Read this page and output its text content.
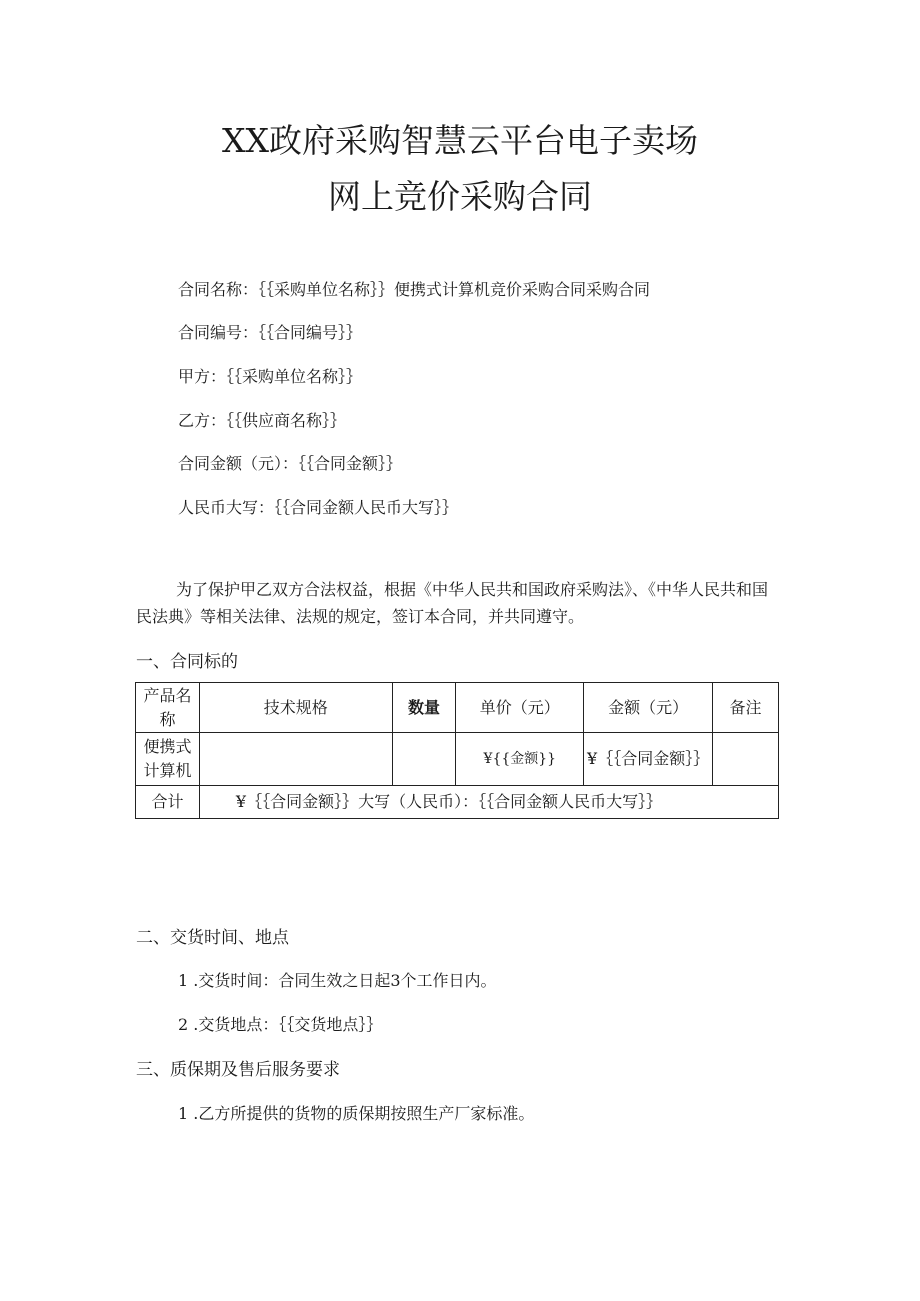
XX政府采购智慧云平台电子卖场
网上竞价采购合同
合同名称：｛｛采购单位名称｝｝便携式计算机竞价采购合同采购合同
合同编号：｛｛合同编号｝｝
甲方：｛｛采购单位名称｝｝
乙方：｛｛供应商名称｝｝
合同金额（元）：｛｛合同金额｝｝
人民币大写：｛｛合同金额人民币大写｝｝
为了保护甲乙双方合法权益，根据《中华人民共和国政府采购法》、《中华人民共和国民法典》等相关法律、法规的规定，签订本合同，并共同遵守。
一、合同标的
产品名称	技术规格	数量	单价（元）	金额（元）	备注
便携式计算机			¥{{金额}}	¥｛｛合同金额｝｝	
合计	¥｛｛合同金额｝｝大写（人民币）：｛｛合同金额人民币大写｝｝				
二、交货时间、地点
1 .交货时间：合同生效之日起3个工作日内。
2 .交货地点：｛｛交货地点｝｝
三、质保期及售后服务要求
1 .乙方所提供的货物的质保期按照生产厂家标准。
